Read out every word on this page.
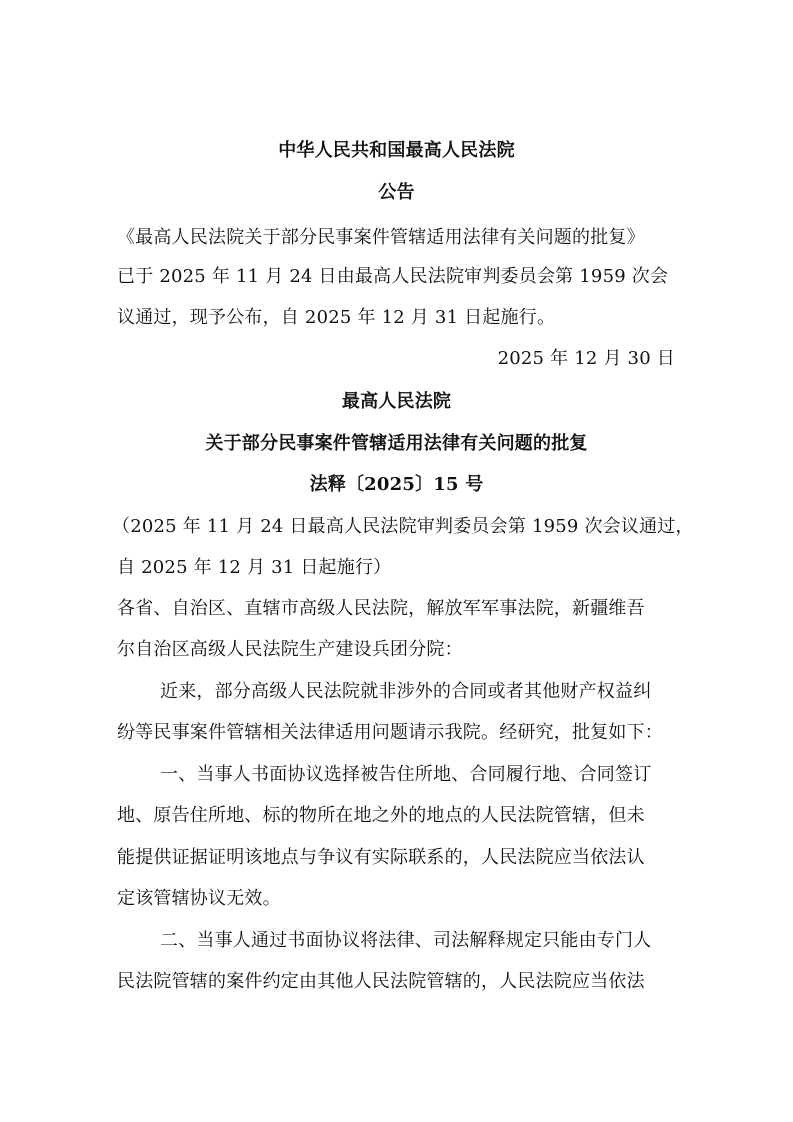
中华人民共和国最高人民法院
公告
《最高人民法院关于部分民事案件管辖适用法律有关问题的批复》
已于 2025 年 11 月 24 日由最高人民法院审判委员会第 1959 次会
议通过，现予公布，自 2025 年 12 月 31 日起施行。
2025 年 12 月 30 日
最高人民法院
关于部分民事案件管辖适用法律有关问题的批复
法释〔2025〕15 号
（2025 年 11 月 24 日最高人民法院审判委员会第 1959 次会议通过，
自 2025 年 12 月 31 日起施行）
各省、自治区、直辖市高级人民法院，解放军军事法院，新疆维吾
尔自治区高级人民法院生产建设兵团分院：
近来，部分高级人民法院就非涉外的合同或者其他财产权益纠
纷等民事案件管辖相关法律适用问题请示我院。经研究，批复如下：
一、当事人书面协议选择被告住所地、合同履行地、合同签订
地、原告住所地、标的物所在地之外的地点的人民法院管辖，但未
能提供证据证明该地点与争议有实际联系的，人民法院应当依法认
定该管辖协议无效。
二、当事人通过书面协议将法律、司法解释规定只能由专门人
民法院管辖的案件约定由其他人民法院管辖的，人民法院应当依法
